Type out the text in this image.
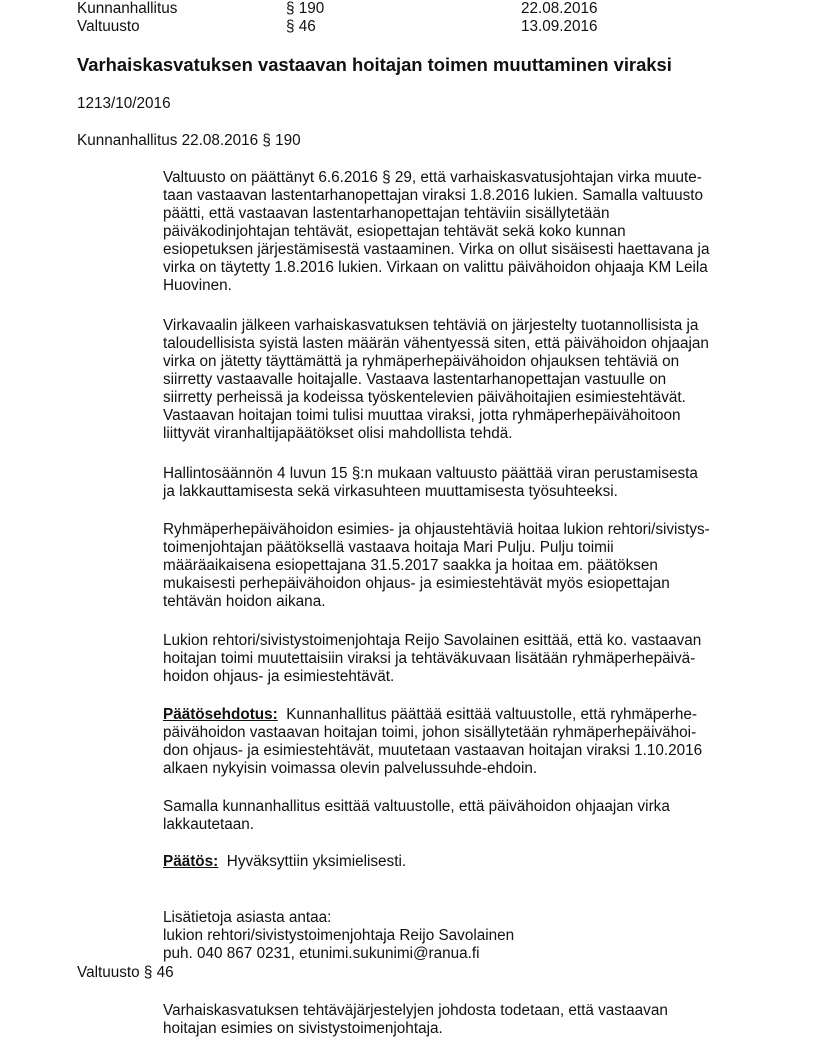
Kunnanhallitus	§ 190	22.08.2016
Valtuusto	§ 46	13.09.2016
Varhaiskasvatuksen vastaavan hoitajan toimen muuttaminen viraksi
1213/10/2016
Kunnanhallitus 22.08.2016 § 190
Valtuusto on päättänyt 6.6.2016 § 29, että varhaiskasvatusjohtajan virka muute-
taan vastaavan lastentarhanopettajan viraksi 1.8.2016 lukien. Samalla valtuusto
päätti, että vastaavan lastentarhanopettajan tehtäviin sisällytetään
päiväkodinjohtajan tehtävät, esiopettajan tehtävät sekä koko kunnan
esiopetuksen järjestämisestä vastaaminen. Virka on ollut sisäisesti haettavana ja
virka on täytetty 1.8.2016 lukien. Virkaan on valittu päivähoidon ohjaaja KM Leila
Huovinen.
Virkavaalin jälkeen varhaiskasvatuksen tehtäviä on järjestelty tuotannollisista ja
taloudellisista syistä lasten määrän vähentyessä siten, että päivähoidon ohjaajan
virka on jätetty täyttämättä ja ryhmäperhepäivähoidon ohjauksen tehtäviä on
siirretty vastaavalle hoitajalle. Vastaava lastentarhanopettajan vastuulle on
siirretty perheissä ja kodeissa työskentelevien päivähoitajien esimiestehtävät.
Vastaavan hoitajan toimi tulisi muuttaa viraksi, jotta ryhmäperhepäivähoitoon
liittyvät viranhaltijapäätökset olisi mahdollista tehdä.
Hallintosäännön 4 luvun 15 §:n mukaan valtuusto päättää viran perustamisesta
ja lakkauttamisesta sekä virkasuhteen muuttamisesta työsuhteeksi.
Ryhmäperhepäivähoidon esimies- ja ohjaustehtäviä hoitaa lukion rehtori/sivistys-
toimenjohtajan päätöksellä vastaava hoitaja Mari Pulju. Pulju toimii
määräaikaisena esiopettajana 31.5.2017 saakka ja hoitaa em. päätöksen
mukaisesti perhepäivähoidon ohjaus- ja esimiestehtävät myös esiopettajan
tehtävän hoidon aikana.
Lukion rehtori/sivistystoimenjohtaja Reijo Savolainen esittää, että ko. vastaavan
hoitajan toimi muutettaisiin viraksi ja tehtäväkuvaan lisätään ryhmäperhepäivä-
hoidon ohjaus- ja esimiestehtävät.
Päätösehdotus: Kunnanhallitus päättää esittää valtuustolle, että ryhmäperhe-
päivähoidon vastaavan hoitajan toimi, johon sisällytetään ryhmäperhepäivähoi-
don ohjaus- ja esimiestehtävät, muutetaan vastaavan hoitajan viraksi 1.10.2016
alkaen nykyisin voimassa olevin palvelussuhde-ehdoin.
Samalla kunnanhallitus esittää valtuustolle, että päivähoidon ohjaajan virka
lakkautetaan.
Päätös: Hyväksyttiin yksimielisesti.
Lisätietoja asiasta antaa:
lukion rehtori/sivistystoimenjohtaja Reijo Savolainen
puh. 040 867 0231, etunimi.sukunimi@ranua.fi
Valtuusto § 46
Varhaiskasvatuksen tehtäväjärjestelyjen johdosta todetaan, että vastaavan
hoitajan esimies on sivistystoimenjohtaja.
